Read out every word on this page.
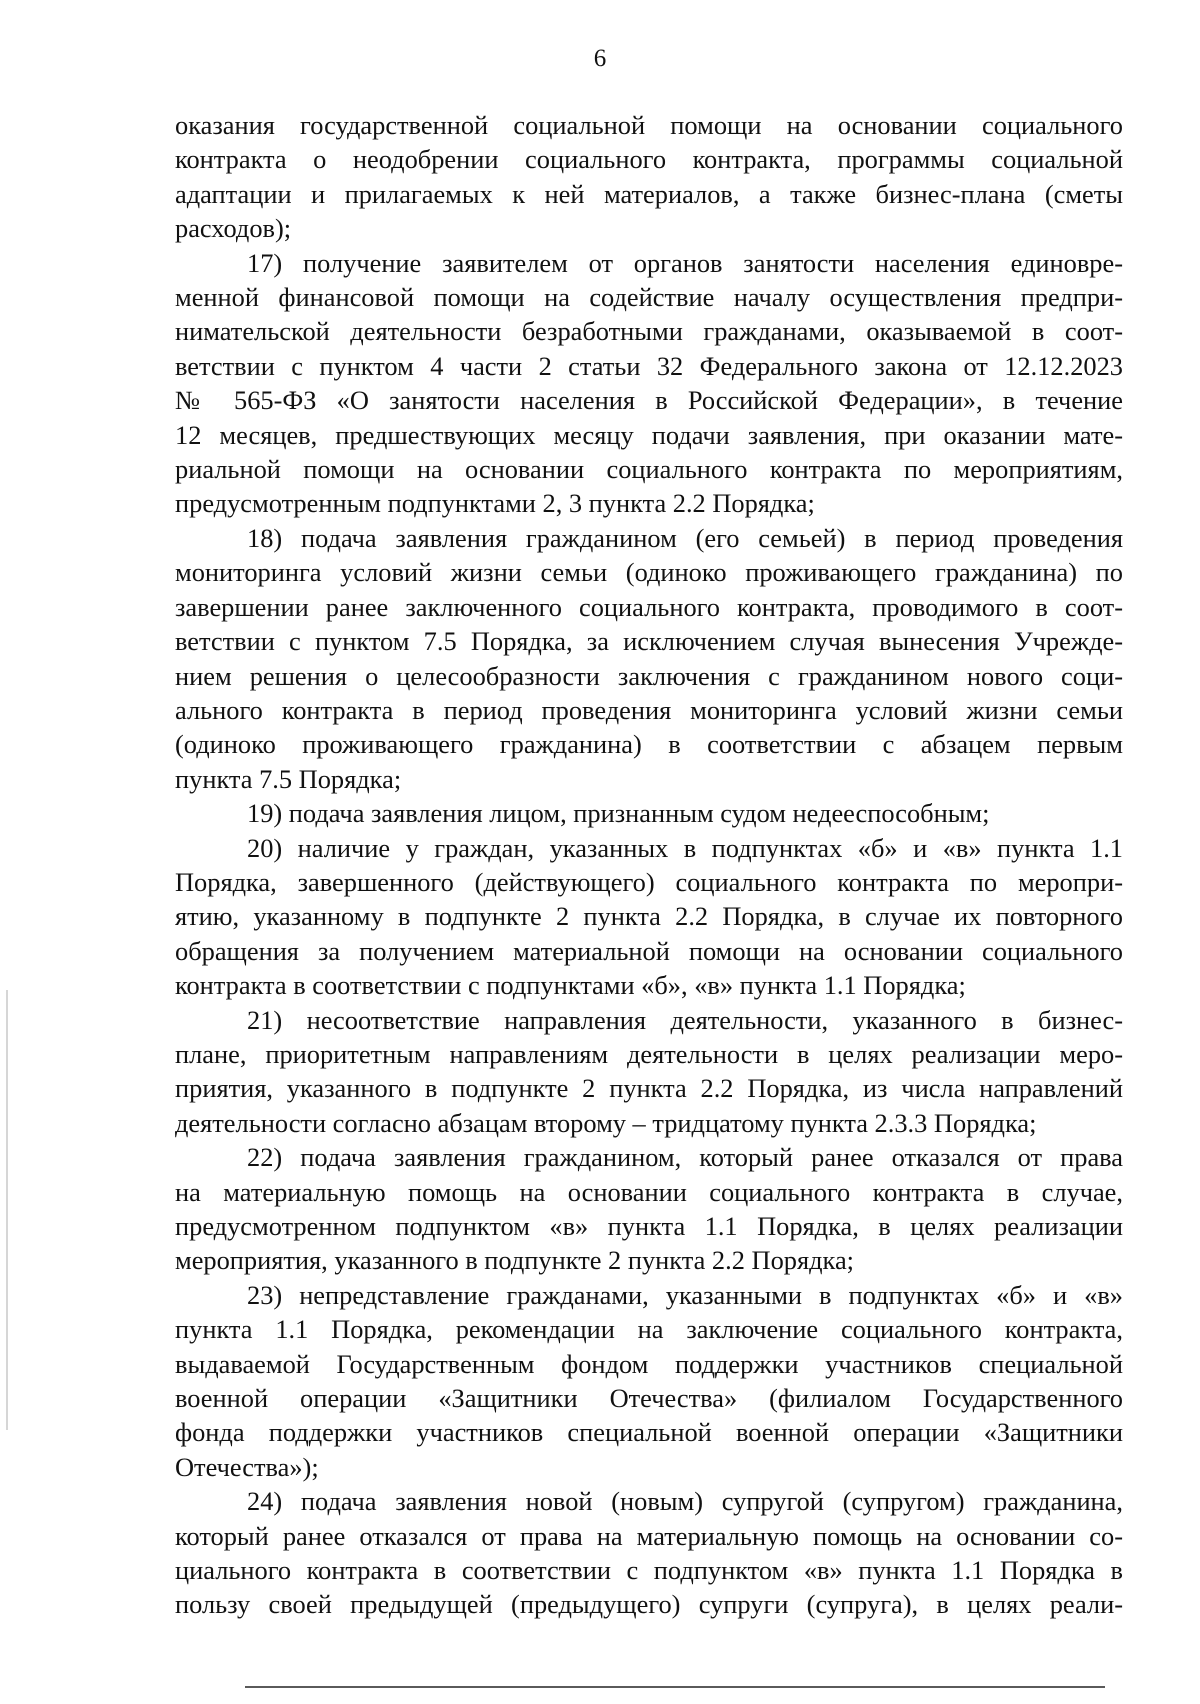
6
оказания государственной социальной помощи на основании социального
контракта о неодобрении социального контракта, программы социальной
адаптации и прилагаемых к ней материалов, а также бизнес-плана (сметы
расходов);
17) получение заявителем от органов занятости населения единовре-
менной финансовой помощи на содействие началу осуществления предпри-
нимательской деятельности безработными гражданами, оказываемой в соот-
ветствии с пунктом 4 части 2 статьи 32 Федерального закона от 12.12.2023
№ 565-ФЗ «О занятости населения в Российской Федерации», в течение
12 месяцев, предшествующих месяцу подачи заявления, при оказании мате-
риальной помощи на основании социального контракта по мероприятиям,
предусмотренным подпунктами 2, 3 пункта 2.2 Порядка;
18) подача заявления гражданином (его семьей) в период проведения
мониторинга условий жизни семьи (одиноко проживающего гражданина) по
завершении ранее заключенного социального контракта, проводимого в соот-
ветствии с пунктом 7.5 Порядка, за исключением случая вынесения Учрежде-
нием решения о целесообразности заключения с гражданином нового соци-
ального контракта в период проведения мониторинга условий жизни семьи
(одиноко проживающего гражданина) в соответствии с абзацем первым
пункта 7.5 Порядка;
19) подача заявления лицом, признанным судом недееспособным;
20) наличие у граждан, указанных в подпунктах «б» и «в» пункта 1.1
Порядка, завершенного (действующего) социального контракта по меропри-
ятию, указанному в подпункте 2 пункта 2.2 Порядка, в случае их повторного
обращения за получением материальной помощи на основании социального
контракта в соответствии с подпунктами «б», «в» пункта 1.1 Порядка;
21) несоответствие направления деятельности, указанного в бизнес-
плане, приоритетным направлениям деятельности в целях реализации меро-
приятия, указанного в подпункте 2 пункта 2.2 Порядка, из числа направлений
деятельности согласно абзацам второму – тридцатому пункта 2.3.3 Порядка;
22) подача заявления гражданином, который ранее отказался от права
на материальную помощь на основании социального контракта в случае,
предусмотренном подпунктом «в» пункта 1.1 Порядка, в целях реализации
мероприятия, указанного в подпункте 2 пункта 2.2 Порядка;
23) непредставление гражданами, указанными в подпунктах «б» и «в»
пункта 1.1 Порядка, рекомендации на заключение социального контракта,
выдаваемой Государственным фондом поддержки участников специальной
военной операции «Защитники Отечества» (филиалом Государственного
фонда поддержки участников специальной военной операции «Защитники
Отечества»);
24) подача заявления новой (новым) супругой (супругом) гражданина,
который ранее отказался от права на материальную помощь на основании со-
циального контракта в соответствии с подпунктом «в» пункта 1.1 Порядка в
пользу своей предыдущей (предыдущего) супруги (супруга), в целях реали-
